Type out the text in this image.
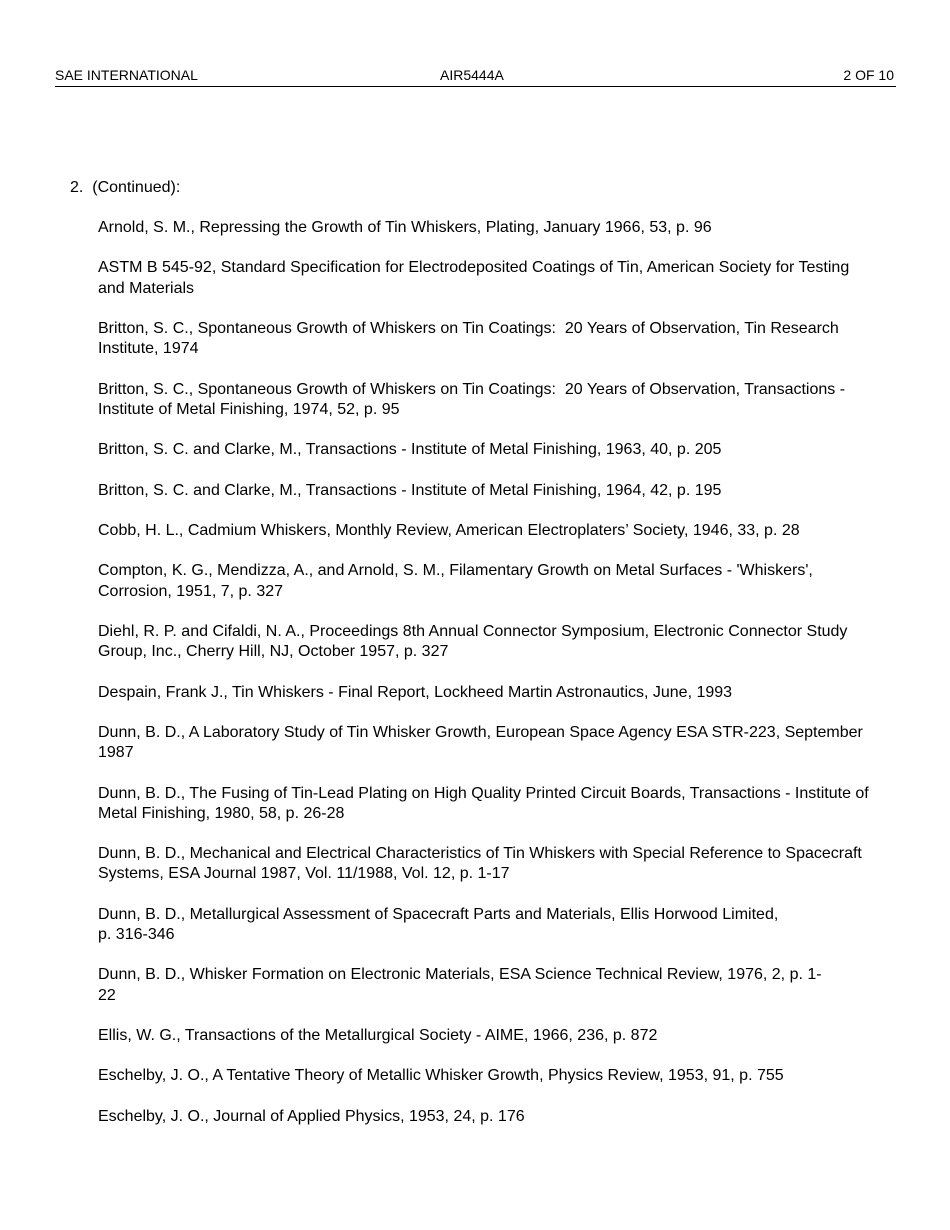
SAE INTERNATIONAL	AIR5444A	2 OF 10
2.  (Continued):
Arnold, S. M., Repressing the Growth of Tin Whiskers, Plating, January 1966, 53, p. 96
ASTM B 545-92, Standard Specification for Electrodeposited Coatings of Tin, American Society for Testing and Materials
Britton, S. C., Spontaneous Growth of Whiskers on Tin Coatings:  20 Years of Observation, Tin Research Institute, 1974
Britton, S. C., Spontaneous Growth of Whiskers on Tin Coatings:  20 Years of Observation, Transactions - Institute of Metal Finishing, 1974, 52, p. 95
Britton, S. C. and Clarke, M., Transactions - Institute of Metal Finishing, 1963, 40, p. 205
Britton, S. C. and Clarke, M., Transactions - Institute of Metal Finishing, 1964, 42, p. 195
Cobb, H. L., Cadmium Whiskers, Monthly Review, American Electroplaters’ Society, 1946, 33, p. 28
Compton, K. G., Mendizza, A., and Arnold, S. M., Filamentary Growth on Metal Surfaces - 'Whiskers', Corrosion, 1951, 7, p. 327
Diehl, R. P. and Cifaldi, N. A., Proceedings 8th Annual Connector Symposium, Electronic Connector Study Group, Inc., Cherry Hill, NJ, October 1957, p. 327
Despain, Frank J., Tin Whiskers - Final Report, Lockheed Martin Astronautics, June, 1993
Dunn, B. D., A Laboratory Study of Tin Whisker Growth, European Space Agency ESA STR-223, September 1987
Dunn, B. D., The Fusing of Tin-Lead Plating on High Quality Printed Circuit Boards, Transactions - Institute of Metal Finishing, 1980, 58, p. 26-28
Dunn, B. D., Mechanical and Electrical Characteristics of Tin Whiskers with Special Reference to Spacecraft Systems, ESA Journal 1987, Vol. 11/1988, Vol. 12, p. 1-17
Dunn, B. D., Metallurgical Assessment of Spacecraft Parts and Materials, Ellis Horwood Limited,
p. 316-346
Dunn, B. D., Whisker Formation on Electronic Materials, ESA Science Technical Review, 1976, 2, p. 1-
22
Ellis, W. G., Transactions of the Metallurgical Society - AIME, 1966, 236, p. 872
Eschelby, J. O., A Tentative Theory of Metallic Whisker Growth, Physics Review, 1953, 91, p. 755
Eschelby, J. O., Journal of Applied Physics, 1953, 24, p. 176
